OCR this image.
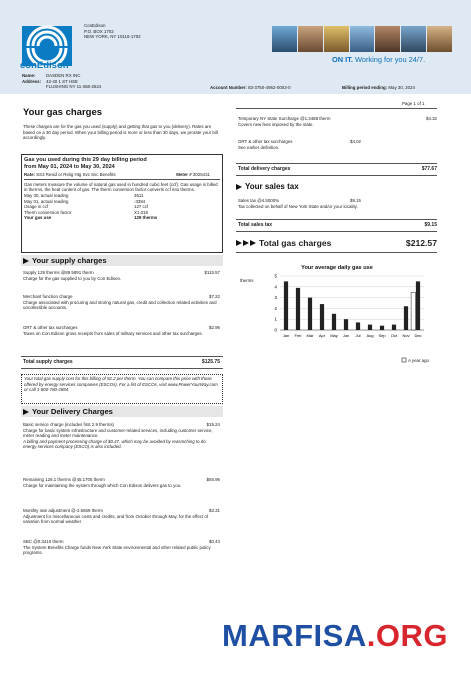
conEdison
ConEdison
P.O. BOX 1702
NEW YORK, NY 10116-1702
ON IT. Working for you 24/7.
Name:	DASDEN RX INC
Address:	42-40 1 ST HSE
FLUSHING NY 11-358-2624	Account Number: 83-3750-4962-0003-0	Billing period ending: May 30, 2024
Page 1 of 1
Your gas charges
These charges are for the gas you used (supply) and getting that gas to you (delivery). Rates are based on a 30 day period. When your billing period is more or less than 30 days, we prorate your bill accordingly.
Gas you used during this 29 day billing period
from May 01, 2024 to May 30, 2024
Rate: SS3 Resid or Relig Htg Svc Svc Benefits	Meter # 3025431
Gas meters measure the volume of natural gas used in hundred cubic feet (ccf). Gas usage is billed in therms, the heat content of gas. The therm conversion factor converts ccf into therms.
May 30, actual reading	3511
May 01, actual reading	-3384
Usage in ccf	127 ccf
Therm conversion factor	X1,019
Your gas use	129 therms
Your supply charges
Supply 129 therms @89.5891 therm	$115.57
Charge for the gas supplied to you by Con Edison.
Merchant function charge	$7.22
Charge associated with procuring and storing natural gas, credit and collection related activities and uncollectible accounts.
GRT & other tax surcharges	$2.96
Taxes on Con Edison gross receipts from sales of military services and other tax surcharges.
Total supply charges	$125.75
Your total gas supply cost for this billing of 92.2 per therm. You can compare this price with those offered by energy services companies (ESCOs). For a list of ESCOs, visit www.PowerYourWay.com or call 1-800-780-2884.
Your Delivery Charges
Basic service charge (includes first 2.9 therms)	$15.24
Charge for basic system infrastructure and customer-related services, including customer service, meter reading and meter maintenance.
A billing and payment processing charge of $0.47, which may be avoided by reasmching to do energy services company (ESCO) is also included.
Remaining 126.1 therms @45.1705 therm	$56.96
Charge for maintaining the system through which Con Edison delivers gas to you.
Monthly rate adjustment @-2.5659 therm	$3.31
Adjustment for miscellaneous costs and credits, and from October through May, for the effect of variation from normal weather.
SBC @0.3410 therm	$0.44
The System Benefits Charge funds New York State environmental and other related public policy programs.
Temporary NY State Surcharge @1.3488 therm	$4.32
Covers new fees imposed by the state.
GRT & other tax surcharges	$4.02
See earlier definition.
Total delivery charges	$77.67
Your sales tax
Sales tax @4.5000%	$9.15
Tax collected on behalf of New York State and/or your locality.
Total sales tax	$9.15
Total gas charges	$212.57
Your average daily gas use
therms
Jan Feb Mar Apr May Jun Jul Aug Sep Oct Nov Dec
0
1
2
3
4
5
A year ago
MARFISA.ORG
